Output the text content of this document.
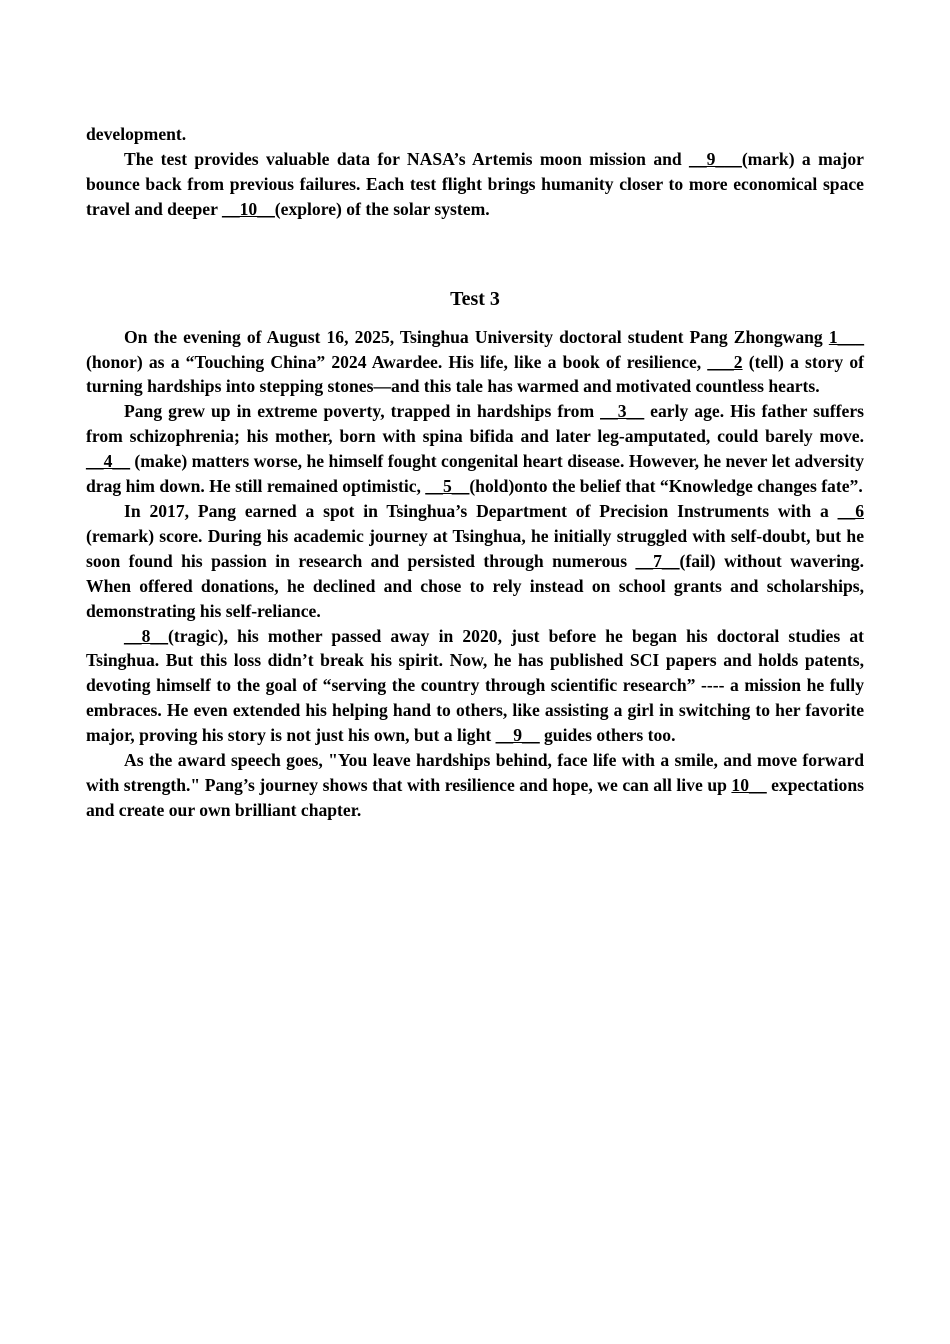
development.

The test provides valuable data for NASA’s Artemis moon mission and __9___(mark) a major bounce back from previous failures. Each test flight brings humanity closer to more economical space travel and deeper __10__(explore) of the solar system.

Test 3

On the evening of August 16, 2025, Tsinghua University doctoral student Pang Zhongwang 1___ (honor) as a “Touching China” 2024 Awardee. His life, like a book of resilience, ___2 (tell) a story of turning hardships into stepping stones—and this tale has warmed and motivated countless hearts.

Pang grew up in extreme poverty, trapped in hardships from __3__ early age. His father suffers from schizophrenia; his mother, born with spina bifida and later leg-amputated, could barely move. __4__ (make) matters worse, he himself fought congenital heart disease. However, he never let adversity drag him down. He still remained optimistic, __5__(hold)onto the belief that “Knowledge changes fate”.

In 2017, Pang earned a spot in Tsinghua’s Department of Precision Instruments with a __6 (remark) score. During his academic journey at Tsinghua, he initially struggled with self-doubt, but he soon found his passion in research and persisted through numerous __7__(fail) without wavering. When offered donations, he declined and chose to rely instead on school grants and scholarships, demonstrating his self-reliance.

__8__(tragic), his mother passed away in 2020, just before he began his doctoral studies at Tsinghua. But this loss didn’t break his spirit. Now, he has published SCI papers and holds patents, devoting himself to the goal of “serving the country through scientific research” ---- a mission he fully embraces. He even extended his helping hand to others, like assisting a girl in switching to her favorite major, proving his story is not just his own, but a light __9__ guides others too.

As the award speech goes, "You leave hardships behind, face life with a smile, and move forward with strength." Pang’s journey shows that with resilience and hope, we can all live up 10__ expectations and create our own brilliant chapter.
